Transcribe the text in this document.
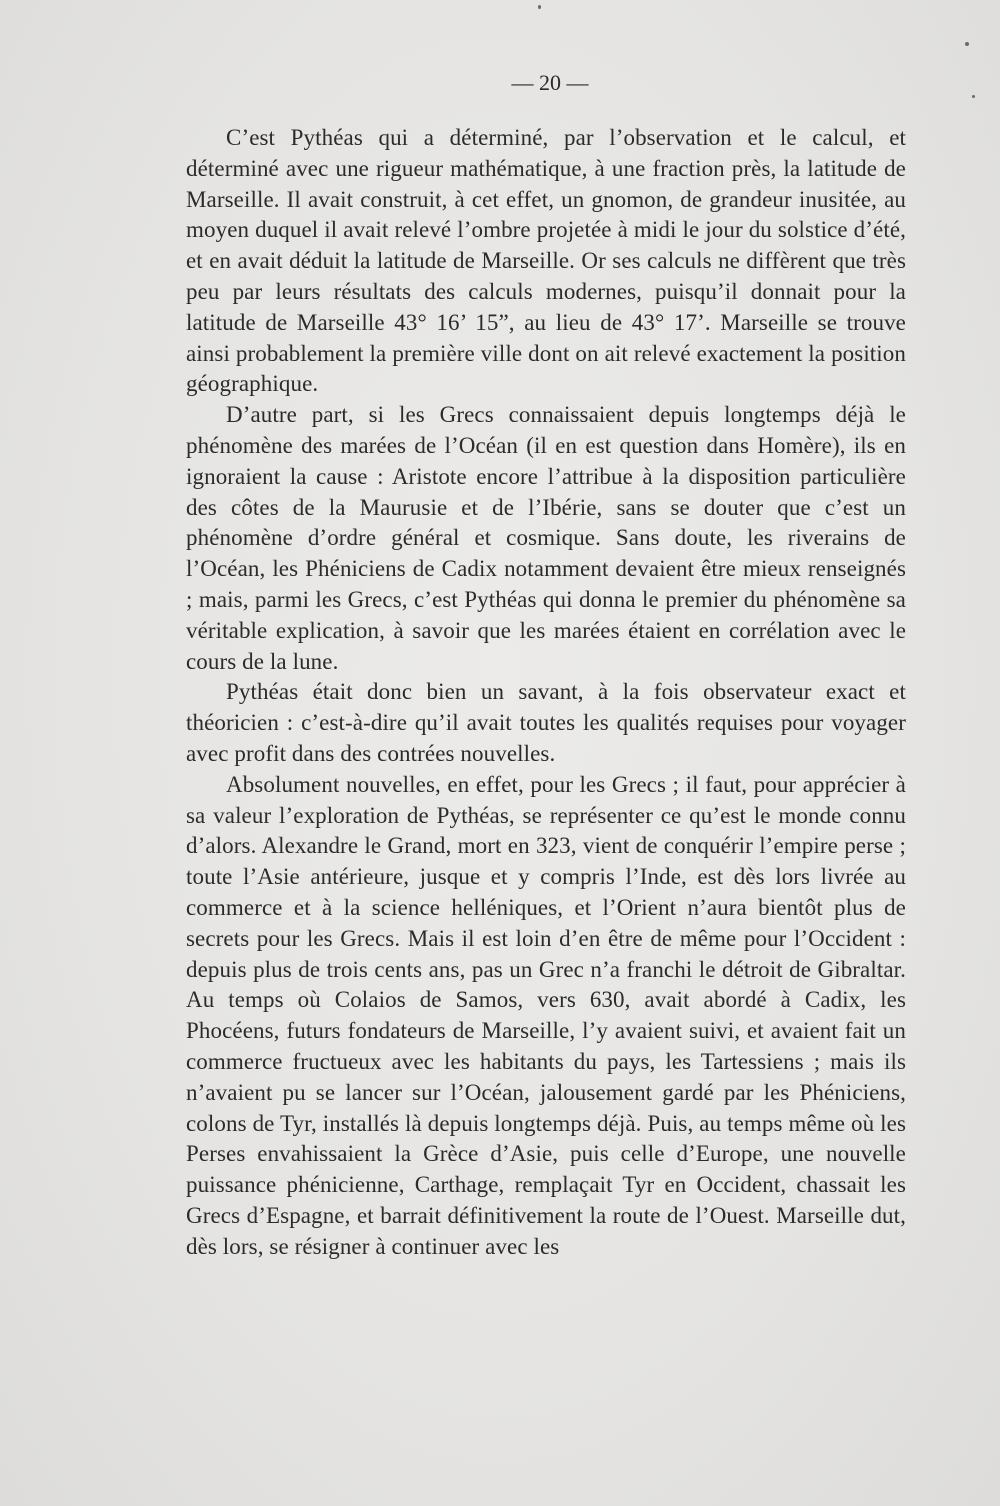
— 20 —

C’est Pythéas qui a déterminé, par l’observation et le calcul, et déterminé avec une rigueur mathématique, à une fraction près, la latitude de Marseille. Il avait construit, à cet effet, un gnomon, de grandeur inusitée, au moyen duquel il avait relevé l’ombre projetée à midi le jour du solstice d’été, et en avait déduit la latitude de Marseille. Or ses calculs ne diffèrent que très peu par leurs résultats des calculs modernes, puisqu’il donnait pour la latitude de Marseille 43° 16’ 15”, au lieu de 43° 17’. Marseille se trouve ainsi probablement la première ville dont on ait relevé exactement la position géographique.

D’autre part, si les Grecs connaissaient depuis longtemps déjà le phénomène des marées de l’Océan (il en est question dans Homère), ils en ignoraient la cause : Aristote encore l’attribue à la disposition particulière des côtes de la Maurusie et de l’Ibérie, sans se douter que c’est un phénomène d’ordre général et cosmique. Sans doute, les riverains de l’Océan, les Phéniciens de Cadix notamment devaient être mieux renseignés ; mais, parmi les Grecs, c’est Pythéas qui donna le premier du phénomène sa véritable explication, à savoir que les marées étaient en corrélation avec le cours de la lune.

Pythéas était donc bien un savant, à la fois observateur exact et théoricien : c’est-à-dire qu’il avait toutes les qualités requises pour voyager avec profit dans des contrées nouvelles.

Absolument nouvelles, en effet, pour les Grecs ; il faut, pour apprécier à sa valeur l’exploration de Pythéas, se représenter ce qu’est le monde connu d’alors. Alexandre le Grand, mort en 323, vient de conquérir l’empire perse ; toute l’Asie antérieure, jusque et y compris l’Inde, est dès lors livrée au commerce et à la science helléniques, et l’Orient n’aura bientôt plus de secrets pour les Grecs. Mais il est loin d’en être de même pour l’Occident : depuis plus de trois cents ans, pas un Grec n’a franchi le détroit de Gibraltar. Au temps où Colaios de Samos, vers 630, avait abordé à Cadix, les Phocéens, futurs fondateurs de Marseille, l’y avaient suivi, et avaient fait un commerce fructueux avec les habitants du pays, les Tartessiens ; mais ils n’avaient pu se lancer sur l’Océan, jalousement gardé par les Phéniciens, colons de Tyr, installés là depuis longtemps déjà. Puis, au temps même où les Perses envahissaient la Grèce d’Asie, puis celle d’Europe, une nouvelle puissance phénicienne, Carthage, remplaçait Tyr en Occident, chassait les Grecs d’Espagne, et barrait définitivement la route de l’Ouest. Marseille dut, dès lors, se résigner à continuer avec les
